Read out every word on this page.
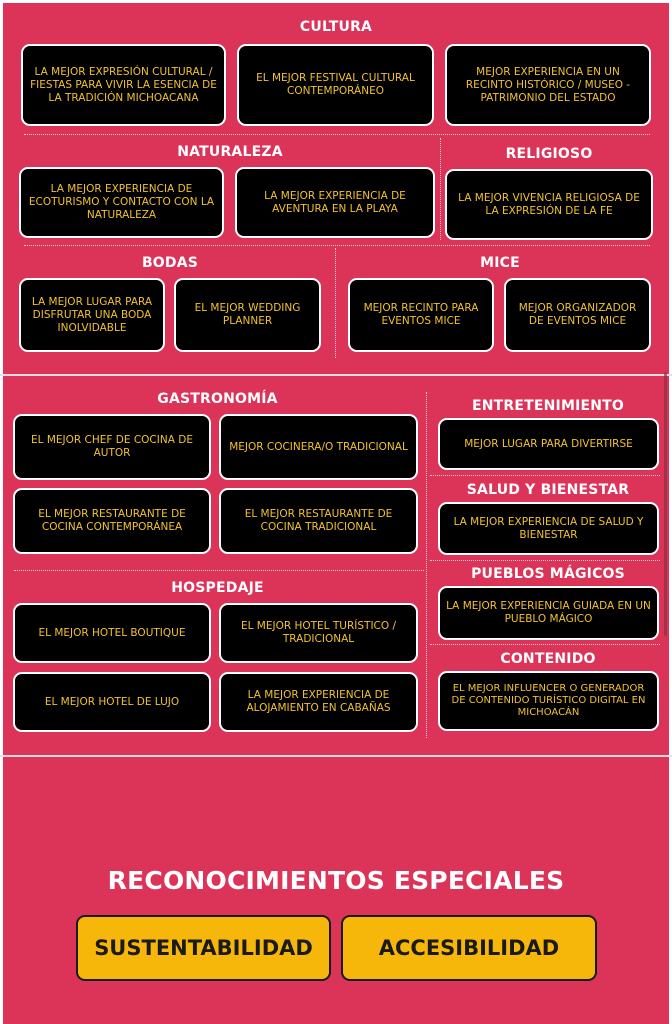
CULTURA
LA MEJOR EXPRESIÓN CULTURAL / FIESTAS PARA VIVIR LA ESENCIA DE LA TRADICIÓN MICHOACANA
EL MEJOR FESTIVAL CULTURAL CONTEMPORÁNEO
MEJOR EXPERIENCIA EN UN RECINTO HISTÓRICO / MUSEO - PATRIMONIO DEL ESTADO
NATURALEZA	RELIGIOSO
LA MEJOR EXPERIENCIA DE ECOTURISMO Y CONTACTO CON LA NATURALEZA
LA MEJOR EXPERIENCIA DE AVENTURA EN LA PLAYA
LA MEJOR VIVENCIA RELIGIOSA DE LA EXPRESIÓN DE LA FE
BODAS	MICE
LA MEJOR LUGAR PARA DISFRUTAR UNA BODA INOLVIDABLE
EL MEJOR WEDDING PLANNER
MEJOR RECINTO PARA EVENTOS MICE
MEJOR ORGANIZADOR DE EVENTOS MICE
GASTRONOMÍA
EL MEJOR CHEF DE COCINA DE AUTOR
MEJOR COCINERA/O TRADICIONAL
EL MEJOR RESTAURANTE DE COCINA CONTEMPORÁNEA
EL MEJOR RESTAURANTE DE COCINA TRADICIONAL
HOSPEDAJE
EL MEJOR HOTEL BOUTIQUE
EL MEJOR HOTEL TURÍSTICO / TRADICIONAL
EL MEJOR HOTEL DE LUJO
LA MEJOR EXPERIENCIA DE ALOJAMIENTO EN CABAÑAS
ENTRETENIMIENTO
MEJOR LUGAR PARA DIVERTIRSE
SALUD Y BIENESTAR
LA MEJOR EXPERIENCIA DE SALUD Y BIENESTAR
PUEBLOS MÁGICOS
LA MEJOR EXPERIENCIA GUIADA EN UN PUEBLO MÁGICO
CONTENIDO
EL MEJOR INFLUENCER O GENERADOR DE CONTENIDO TURÍSTICO DIGITAL EN MICHOACÁN
RECONOCIMIENTOS ESPECIALES
SUSTENTABILIDAD	ACCESIBILIDAD
